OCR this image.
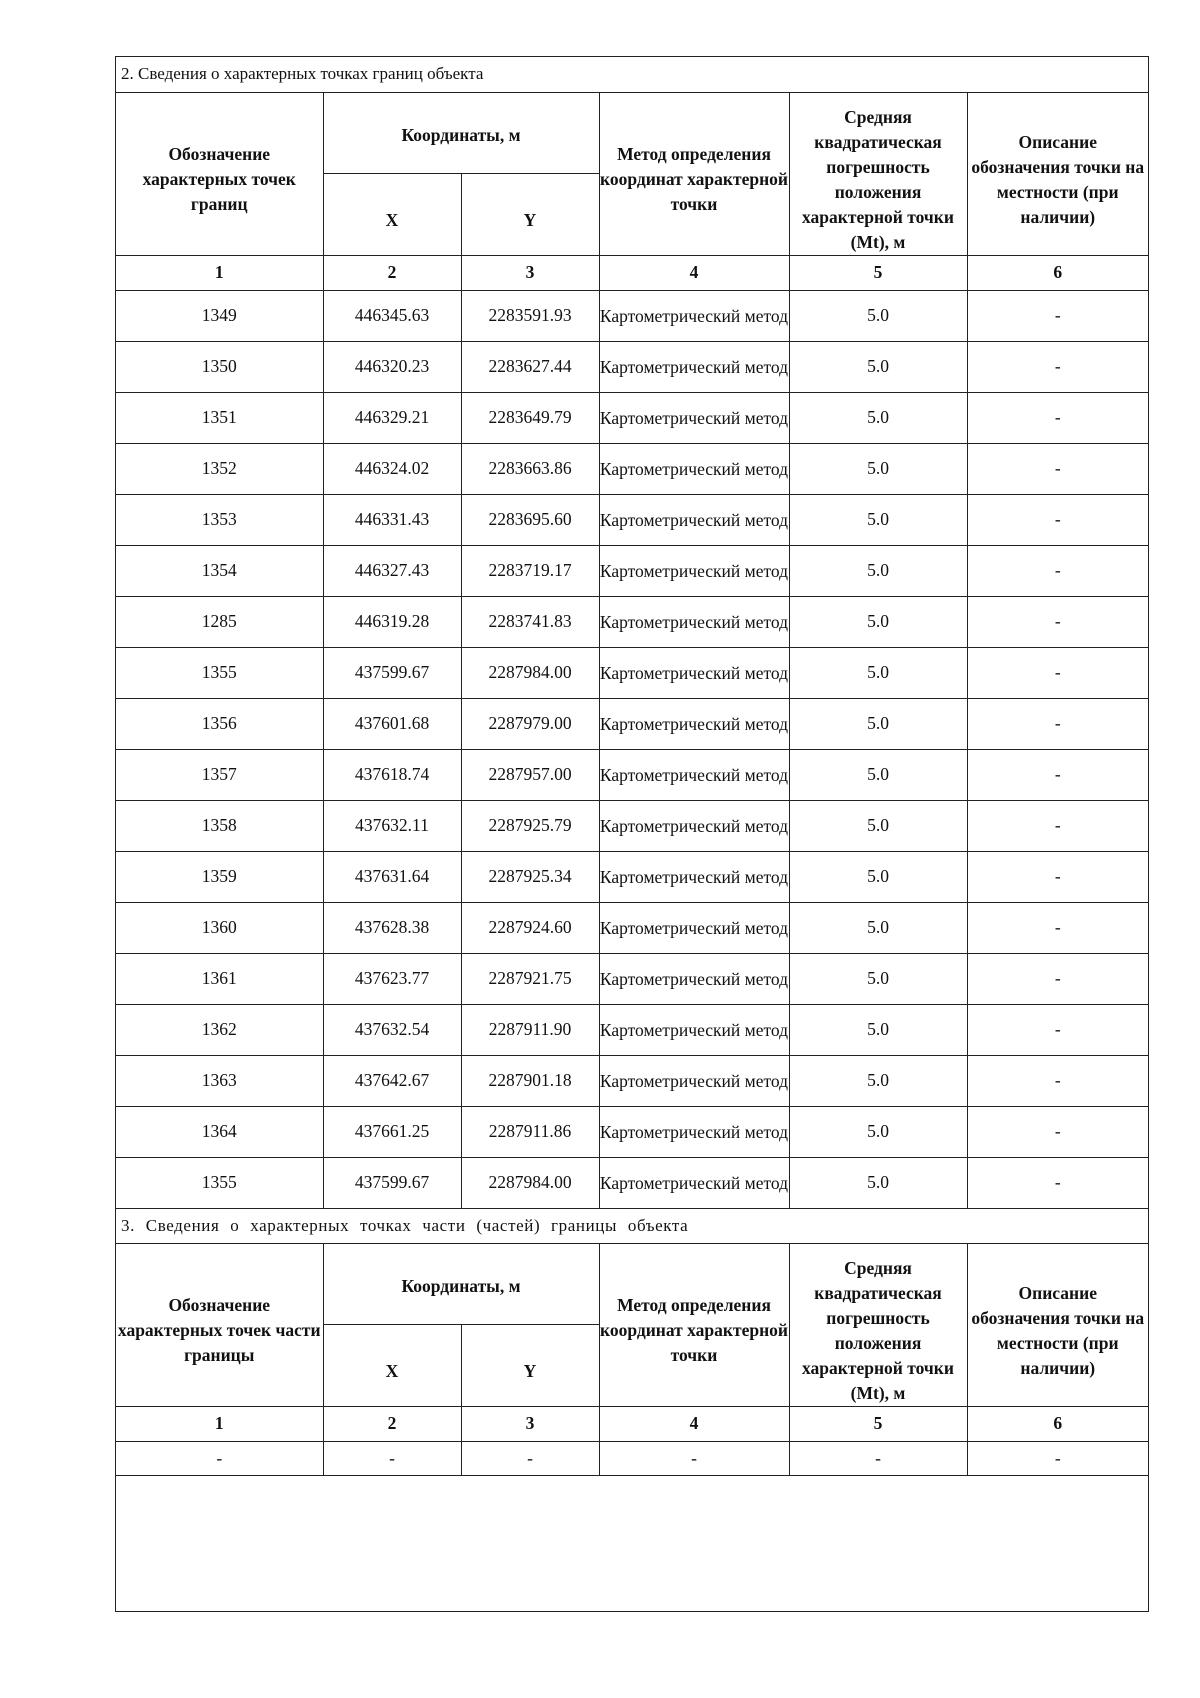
2. Сведения о характерных точках границ объекта					
Обозначение характерных точек границ	Координаты, м		Метод определения координат характерной точки	Средняя квадратическая погрешность положения характерной точки (Mt), м	Описание обозначения точки на местности (при наличии)
	X	Y			
1	2	3	4	5	6
1349	446345.63	2283591.93	Картометрический метод	5.0	-
1350	446320.23	2283627.44	Картометрический метод	5.0	-
1351	446329.21	2283649.79	Картометрический метод	5.0	-
1352	446324.02	2283663.86	Картометрический метод	5.0	-
1353	446331.43	2283695.60	Картометрический метод	5.0	-
1354	446327.43	2283719.17	Картометрический метод	5.0	-
1285	446319.28	2283741.83	Картометрический метод	5.0	-
1355	437599.67	2287984.00	Картометрический метод	5.0	-
1356	437601.68	2287979.00	Картометрический метод	5.0	-
1357	437618.74	2287957.00	Картометрический метод	5.0	-
1358	437632.11	2287925.79	Картометрический метод	5.0	-
1359	437631.64	2287925.34	Картометрический метод	5.0	-
1360	437628.38	2287924.60	Картометрический метод	5.0	-
1361	437623.77	2287921.75	Картометрический метод	5.0	-
1362	437632.54	2287911.90	Картометрический метод	5.0	-
1363	437642.67	2287901.18	Картометрический метод	5.0	-
1364	437661.25	2287911.86	Картометрический метод	5.0	-
1355	437599.67	2287984.00	Картометрический метод	5.0	-
3. Сведения о характерных точках части (частей) границы объекта					
Обозначение характерных точек части границы	Координаты, м		Метод определения координат характерной точки	Средняя квадратическая погрешность положения характерной точки (Mt), м	Описание обозначения точки на местности (при наличии)
	X	Y			
1	2	3	4	5	6
-	-	-	-	-	-
